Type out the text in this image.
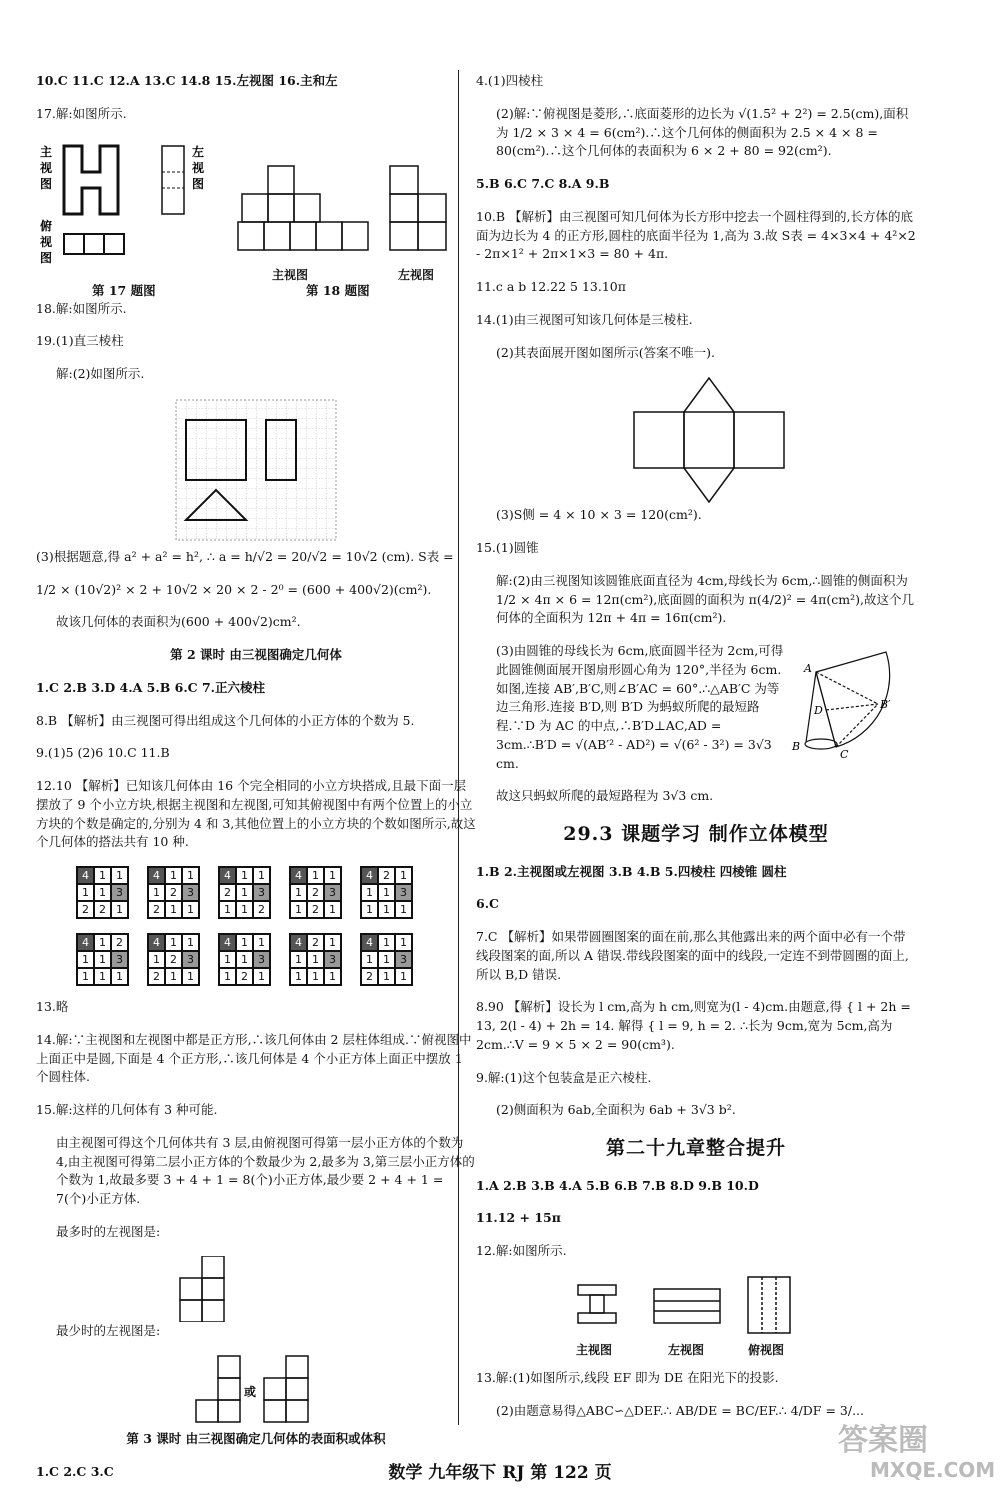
10.C 11.C 12.A 13.C 14.8 15.左视图 16.主和左
17.解:如图所示.
主
视
图
左
视
图
俯
视
图
主视图	左视图
第 17 题图	第 18 题图
18.解:如图所示.
19.(1)直三棱柱
解:(2)如图所示.
(3)根据题意,得 a² + a² = h², ∴ a = h/√2 = 20/√2 = 10√2 (cm). S表 =
1/2 × (10√2)² × 2 + 10√2 × 20 × 2 - 2⁰ = (600 + 400√2)(cm²).
故该几何体的表面积为(600 + 400√2)cm².
第 2 课时 由三视图确定几何体
1.C 2.B 3.D 4.A 5.B 6.C 7.正六棱柱
8.B 【解析】由三视图可得出组成这个几何体的小正方体的个数为 5.
9.(1)5 (2)6 10.C 11.B
12.10 【解析】已知该几何体由 16 个完全相同的小立方块搭成,且最下面一层摆放了 9 个小立方块,根据主视图和左视图,可知其俯视图中有两个位置上的小立方块的个数是确定的,分别为 4 和 3,其他位置上的小立方块的个数如图所示,故这个几何体的搭法共有 10 种.
4 1 1
1 1 3
2 2 1
4 1 1
1 2 3
2 1 1
4 1 1
2 1 3
1 1 2
4 1 1
1 2 3
1 2 1
4 2 1
1 1 3
1 1 1
4 1 2
1 1 3
1 1 1
4 1 1
1 2 3
2 1 1
4 1 1
1 1 3
1 2 1
4 2 1
1 1 3
1 1 1
4 1 1
1 1 3
2 1 1
13.略
14.解:∵主视图和左视图中都是正方形,∴该几何体由 2 层柱体组成.∵俯视图中上面正中是圆,下面是 4 个正方形,∴该几何体是 4 个小正方体上面正中摆放 1 个圆柱体.
15.解:这样的几何体有 3 种可能.
由主视图可得这个几何体共有 3 层,由俯视图可得第一层小正方体的个数为 4,由主视图可得第二层小正方体的个数最少为 2,最多为 3,第三层小正方体的个数为 1,故最多要 3 + 4 + 1 = 8(个)小正方体,最少要 2 + 4 + 1 = 7(个)小正方体.
最多时的左视图是:
最少时的左视图是:
或
第 3 课时 由三视图确定几何体的表面积或体积
1.C 2.C 3.C
4.(1)四棱柱
(2)解:∵俯视图是菱形,∴底面菱形的边长为 √(1.5² + 2²) = 2.5(cm),面积为 1/2 × 3 × 4 = 6(cm²).∴这个几何体的侧面积为 2.5 × 4 × 8 = 80(cm²).∴这个几何体的表面积为 6 × 2 + 80 = 92(cm²).
5.B 6.C 7.C 8.A 9.B
10.B 【解析】由三视图可知几何体为长方形中挖去一个圆柱得到的,长方体的底面为边长为 4 的正方形,圆柱的底面半径为 1,高为 3.故 S表 = 4×3×4 + 4²×2 - 2π×1² + 2π×1×3 = 80 + 4π.
11.c a b 12.22 5 13.10π
14.(1)由三视图可知该几何体是三棱柱.
(2)其表面展开图如图所示(答案不唯一).
(3)S侧 = 4 × 10 × 3 = 120(cm²).
15.(1)圆锥
解:(2)由三视图知该圆锥底面直径为 4cm,母线长为 6cm,∴圆锥的侧面积为 1/2 × 4π × 6 = 12π(cm²),底面圆的面积为 π(4/2)² = 4π(cm²),故这个几何体的全面积为 12π + 4π = 16π(cm²).
(3)由圆锥的母线长为 6cm,底面圆半径为 2cm,可得此圆锥侧面展开图扇形圆心角为 120°,半径为 6cm.如图,连接 AB′,B′C,则∠B′AC = 60°.∴△AB′C 为等边三角形.连接 B′D,则 B′D 为蚂蚁所爬的最短路程.∵D 为 AC 的中点,∴B′D⊥AC,AD = 3cm.∴B′D = √(AB′² - AD²) = √(6² - 3²) = 3√3 cm.
A
B′
D
B
C
故这只蚂蚁所爬的最短路程为 3√3 cm.
29.3 课题学习 制作立体模型
1.B 2.主视图或左视图 3.B 4.B 5.四棱柱 四棱锥 圆柱
6.C
7.C 【解析】如果带圆圈图案的面在前,那么其他露出来的两个面中必有一个带线段图案的面,所以 A 错误.带线段图案的面中的线段,一定连不到带圆圈的面上,所以 B,D 错误.
8.90 【解析】设长为 l cm,高为 h cm,则宽为(l - 4)cm.由题意,得 { l + 2h = 13, 2(l - 4) + 2h = 14. 解得 { l = 9, h = 2. ∴长为 9cm,宽为 5cm,高为 2cm.∴V = 9 × 5 × 2 = 90(cm³).
9.解:(1)这个包装盒是正六棱柱.
(2)侧面积为 6ab,全面积为 6ab + 3√3 b².
第二十九章整合提升
1.A 2.B 3.B 4.A 5.B 6.B 7.B 8.D 9.B 10.D
11.12 + 15π
12.解:如图所示.
主视图	左视图	俯视图
13.解:(1)如图所示,线段 EF 即为 DE 在阳光下的投影.
(2)由题意易得△ABC∽△DEF.∴ AB/DE = BC/EF.∴ 4/DF = 3/...
答案圈
MXQE.COM
数学 九年级下 RJ 第 122 页
